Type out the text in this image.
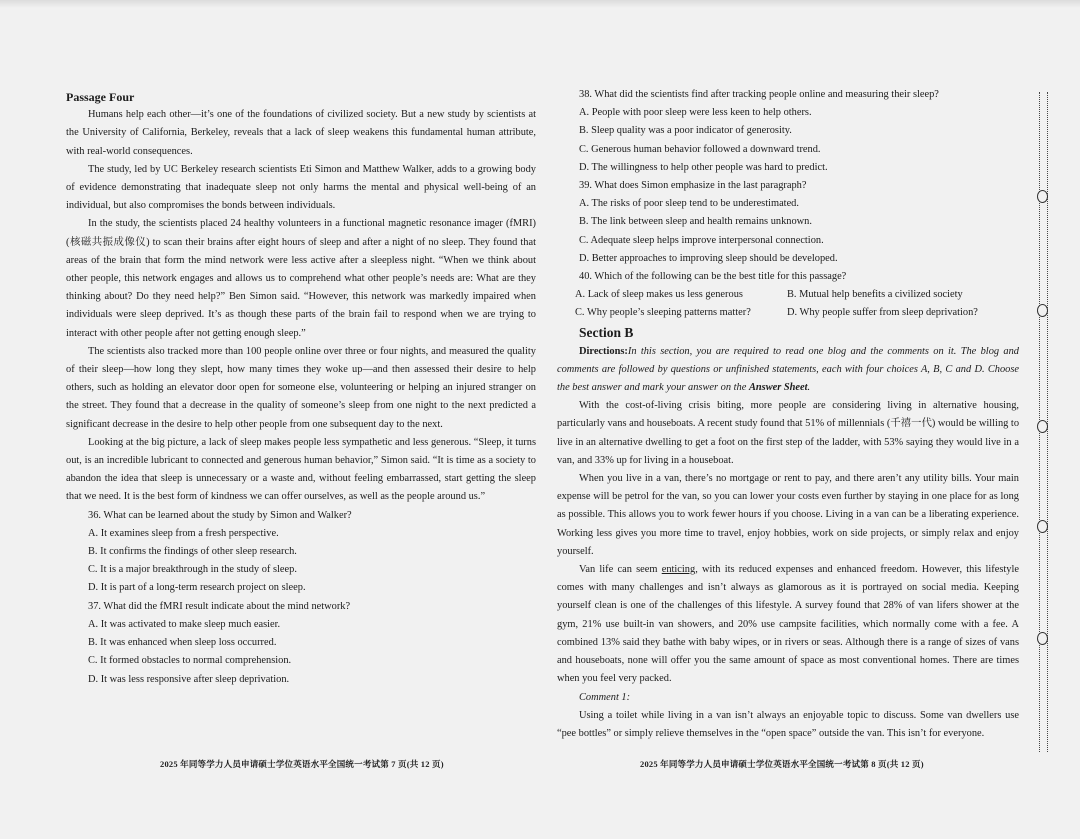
Passage Four

Humans help each other—it’s one of the foundations of civilized society. But a new study by scientists at the University of California, Berkeley, reveals that a lack of sleep weakens this fundamental human attribute, with real-world consequences.

The study, led by UC Berkeley research scientists Eti Simon and Matthew Walker, adds to a growing body of evidence demonstrating that inadequate sleep not only harms the mental and physical well-being of an individual, but also compromises the bonds between individuals.

In the study, the scientists placed 24 healthy volunteers in a functional magnetic resonance imager (fMRI) (核磁共振成像仪) to scan their brains after eight hours of sleep and after a night of no sleep. They found that areas of the brain that form the mind network were less active after a sleepless night. “When we think about other people, this network engages and allows us to comprehend what other people’s needs are: What are they thinking about? Do they need help?” Ben Simon said. “However, this network was markedly impaired when individuals were sleep deprived. It’s as though these parts of the brain fail to respond when we are trying to interact with other people after not getting enough sleep.”

The scientists also tracked more than 100 people online over three or four nights, and measured the quality of their sleep—how long they slept, how many times they woke up—and then assessed their desire to help others, such as holding an elevator door open for someone else, volunteering or helping an injured stranger on the street. They found that a decrease in the quality of someone’s sleep from one night to the next predicted a significant decrease in the desire to help other people from one subsequent day to the next.

Looking at the big picture, a lack of sleep makes people less sympathetic and less generous. “Sleep, it turns out, is an incredible lubricant to connected and generous human behavior,” Simon said. “It is time as a society to abandon the idea that sleep is unnecessary or a waste and, without feeling embarrassed, start getting the sleep that we need. It is the best form of kindness we can offer ourselves, as well as the people around us.”

36. What can be learned about the study by Simon and Walker?

A. It examines sleep from a fresh perspective.

B. It confirms the findings of other sleep research.

C. It is a major breakthrough in the study of sleep.

D. It is part of a long-term research project on sleep.

37. What did the fMRI result indicate about the mind network?

A. It was activated to make sleep much easier.

B. It was enhanced when sleep loss occurred.

C. It formed obstacles to normal comprehension.

D. It was less responsive after sleep deprivation.

38. What did the scientists find after tracking people online and measuring their sleep?

A. People with poor sleep were less keen to help others.

B. Sleep quality was a poor indicator of generosity.

C. Generous human behavior followed a downward trend.

D. The willingness to help other people was hard to predict.

39. What does Simon emphasize in the last paragraph?

A. The risks of poor sleep tend to be underestimated.

B. The link between sleep and health remains unknown.

C. Adequate sleep helps improve interpersonal connection.

D. Better approaches to improving sleep should be developed.

40. Which of the following can be the best title for this passage?

A. Lack of sleep makes us less generous	B. Mutual help benefits a civilized society
C. Why people’s sleeping patterns matter?	D. Why people suffer from sleep deprivation?

Section B

Directions:In this section, you are required to read one blog and the comments on it. The blog and comments are followed by questions or unfinished statements, each with four choices A, B, C and D. Choose the best answer and mark your answer on the Answer Sheet.

With the cost-of-living crisis biting, more people are considering living in alternative housing, particularly vans and houseboats. A recent study found that 51% of millennials (千禧一代) would be willing to live in an alternative dwelling to get a foot on the first step of the ladder, with 53% saying they would live in a van, and 33% up for living in a houseboat.

When you live in a van, there’s no mortgage or rent to pay, and there aren’t any utility bills. Your main expense will be petrol for the van, so you can lower your costs even further by staying in one place for as long as possible. This allows you to work fewer hours if you choose. Living in a van can be a liberating experience. Working less gives you more time to travel, enjoy hobbies, work on side projects, or simply relax and enjoy yourself.

Van life can seem enticing, with its reduced expenses and enhanced freedom. However, this lifestyle comes with many challenges and isn’t always as glamorous as it is portrayed on social media. Keeping yourself clean is one of the challenges of this lifestyle. A survey found that 28% of van lifers shower at the gym, 21% use built-in van showers, and 20% use campsite facilities, which normally come with a fee. A combined 13% said they bathe with baby wipes, or in rivers or seas. Although there is a range of sizes of vans and houseboats, none will offer you the same amount of space as most conventional homes. There are times when you feel very packed.

Comment 1:

Using a toilet while living in a van isn’t always an enjoyable topic to discuss. Some van dwellers use “pee bottles” or simply relieve themselves in the “open space” outside the van. This isn’t for everyone.

2025 年同等学力人员申请硕士学位英语水平全国统一考试第 7 页(共 12 页)	2025 年同等学力人员申请硕士学位英语水平全国统一考试第 8 页(共 12 页)
